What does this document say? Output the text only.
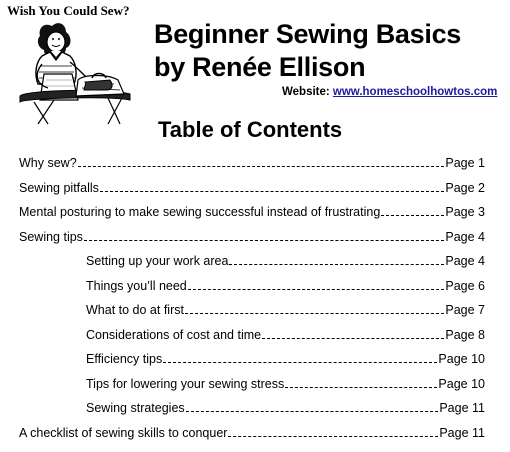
Wish You Could Sew?
Beginner Sewing Basics
by Renée Ellison
Website: www.homeschoolhowtos.com
Table of Contents
Why sew?	Page 1
Sewing pitfalls	Page 2
Mental posturing to make sewing successful instead of frustrating	Page 3
Sewing tips	Page 4
Setting up your work area	Page 4
Things you’ll need	Page 6
What to do at first	Page 7
Considerations of cost and time	Page 8
Efficiency tips	Page 10
Tips for lowering your sewing stress	Page 10
Sewing strategies	Page 11
A checklist of sewing skills to conquer	Page 11
